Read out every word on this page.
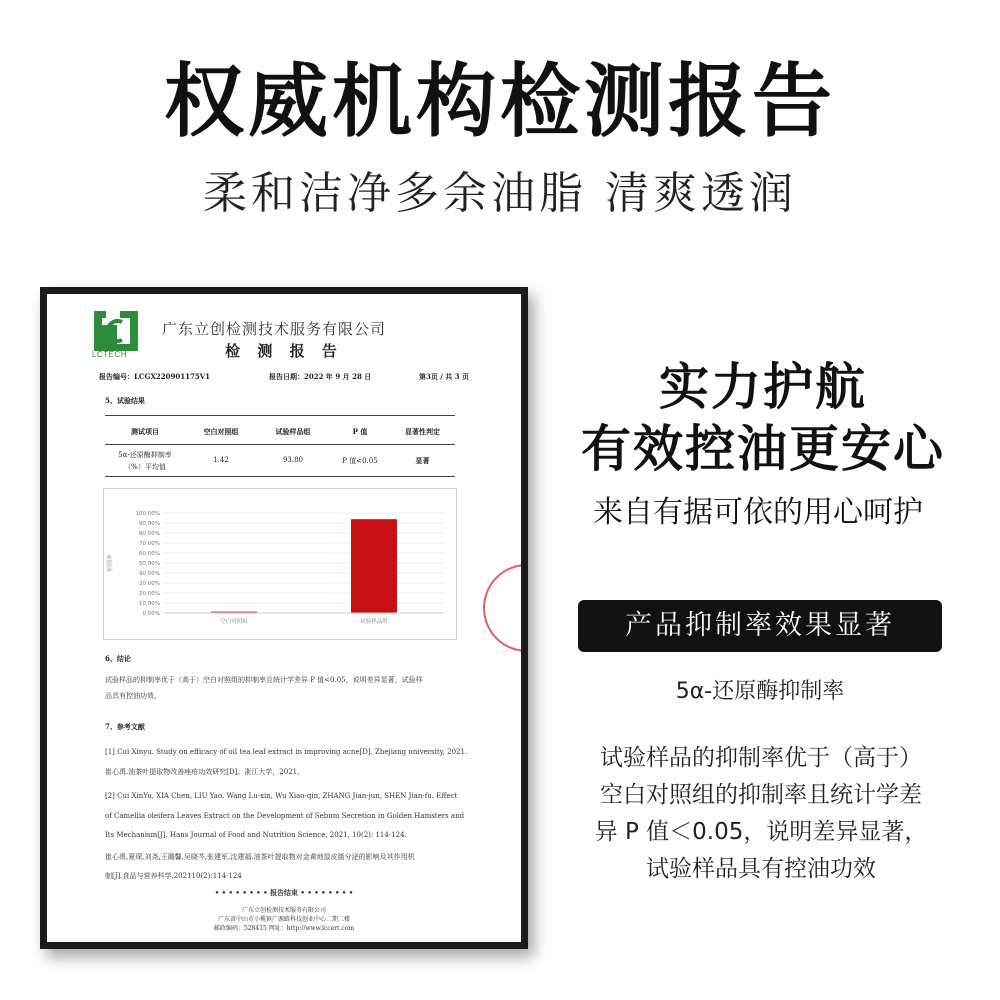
权威机构检测报告
柔和洁净多余油脂 清爽透润
LCTECH
广东立创检测技术服务有限公司
检 测 报 告
报告编号：LCGX220901175V1	报告日期：2022 年 9 月 28 日	第3页 / 共 3 页
5、试验结果
测试项目	空白对照组	试验样品组	P 值	显著性判定
5α-还原酶抑制率
（%）平均值
1.42	93.80	P 值<0.05	显著
0.00%
10.00%
20.00%
30.00%
40.00%
50.00%
60.00%
70.00%
80.00%
90.00%
100.00%
抑制率
空白对照组	试验样品组
6、结论
试验样品的抑制率优于（高于）空白对照组的抑制率且统计学差异 P 值<0.05，说明差异显著，试验样
品具有控油功效。
7、参考文献
[1] Cui Xinyu. Study on efficacy of oil tea leaf extract in improving acne[D]. Zhejiang university, 2021.
崔心禹.油茶叶提取物改善痤疮功效研究[D]。浙江大学，2021。
[2] Cui XinYu, XIA Chen, LIU Yao, Wang Lu-xin, Wu Xiao-qin, ZHANG Jian-jun, SHEN Jian-fu. Effect
of Camellia oleifera Leaves Extract on the Development of Sebum Secretion in Golden Hamsters and
Its Mechanism[J]. Hans Journal of Food and Nutrition Science, 2021, 10(2): 114-124.
崔心禹,夏琛,刘尧,王璐馨,吴晓芩,张建军,沈建福.油茶叶提取物对金黄地鼠皮脂分泌的影响及其作用机
制[J].食品与营养科学,202110(2):114-124
• • • • • • • • 报告结束 • • • • • • • •
广东立创检测技术服务有限公司
广东省中山市小榄镇广源路科技创业中心二期二楼
邮政编码：528415 网址：http://www.lccert.com
实力护航
有效控油更安心
来自有据可依的用心呵护
产品抑制率效果显著
5α-还原酶抑制率
试验样品的抑制率优于（高于）
空白对照组的抑制率且统计学差
异 P 值＜0.05，说明差异显著，
试验样品具有控油功效
